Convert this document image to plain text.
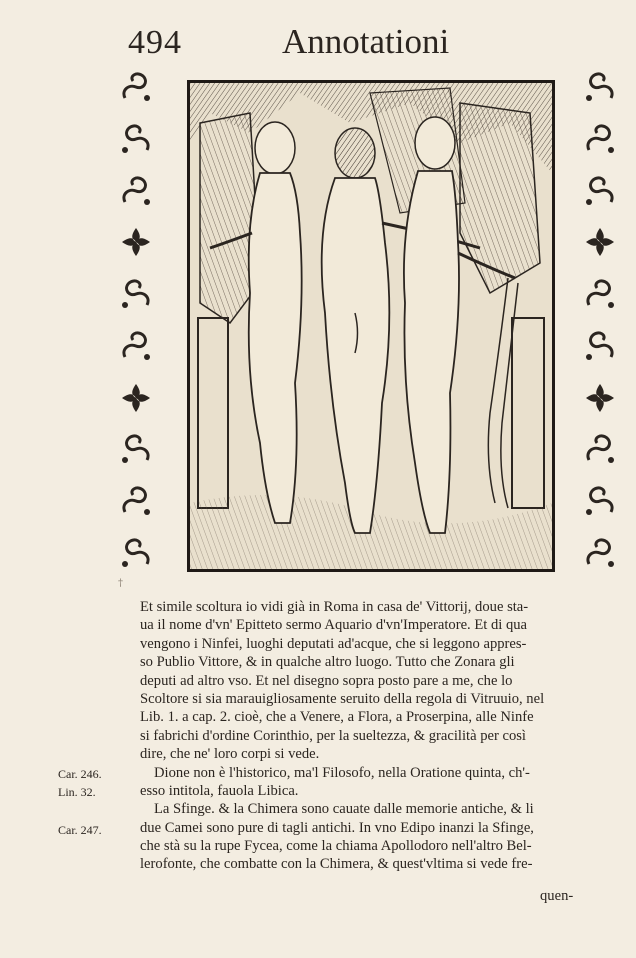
494	Annotationi
†
Et simile scoltura io vidi già in Roma in casa de' Vittorij, doue sta-
ua il nome d'vn' Epitteto sermo Aquario d'vn'Imperatore. Et di qua
vengono i Ninfei, luoghi deputati ad'acque, che si leggono appres-
so Publio Vittore, & in qualche altro luogo. Tutto che Zonara gli
deputi ad altro vso. Et nel disegno sopra posto pare a me, che lo
Scoltore si sia marauigliosamente seruito della regola di Vitruuio, nel
Lib. 1. a cap. 2. cioè, che a Venere, a Flora, a Proserpina, alle Ninfe
si fabrichi d'ordine Corinthio, per la sueltezza, & gracilità per così
dire, che ne' loro corpi si vede.
Dione non è l'historico, ma'l Filosofo, nella Oratione quinta, ch'-
esso intitola, fauola Libica.
La Sfinge. & la Chimera sono cauate dalle memorie antiche, & li
due Camei sono pure di tagli antichi. In vno Edipo inanzi la Sfinge,
che stà su la rupe Fycea, come la chiama Apollodoro nell'altro Bel-
lerofonte, che combatte con la Chimera, & quest'vltima si vede fre-
quen-
Car. 246.
Lin. 32.
Car. 247.
